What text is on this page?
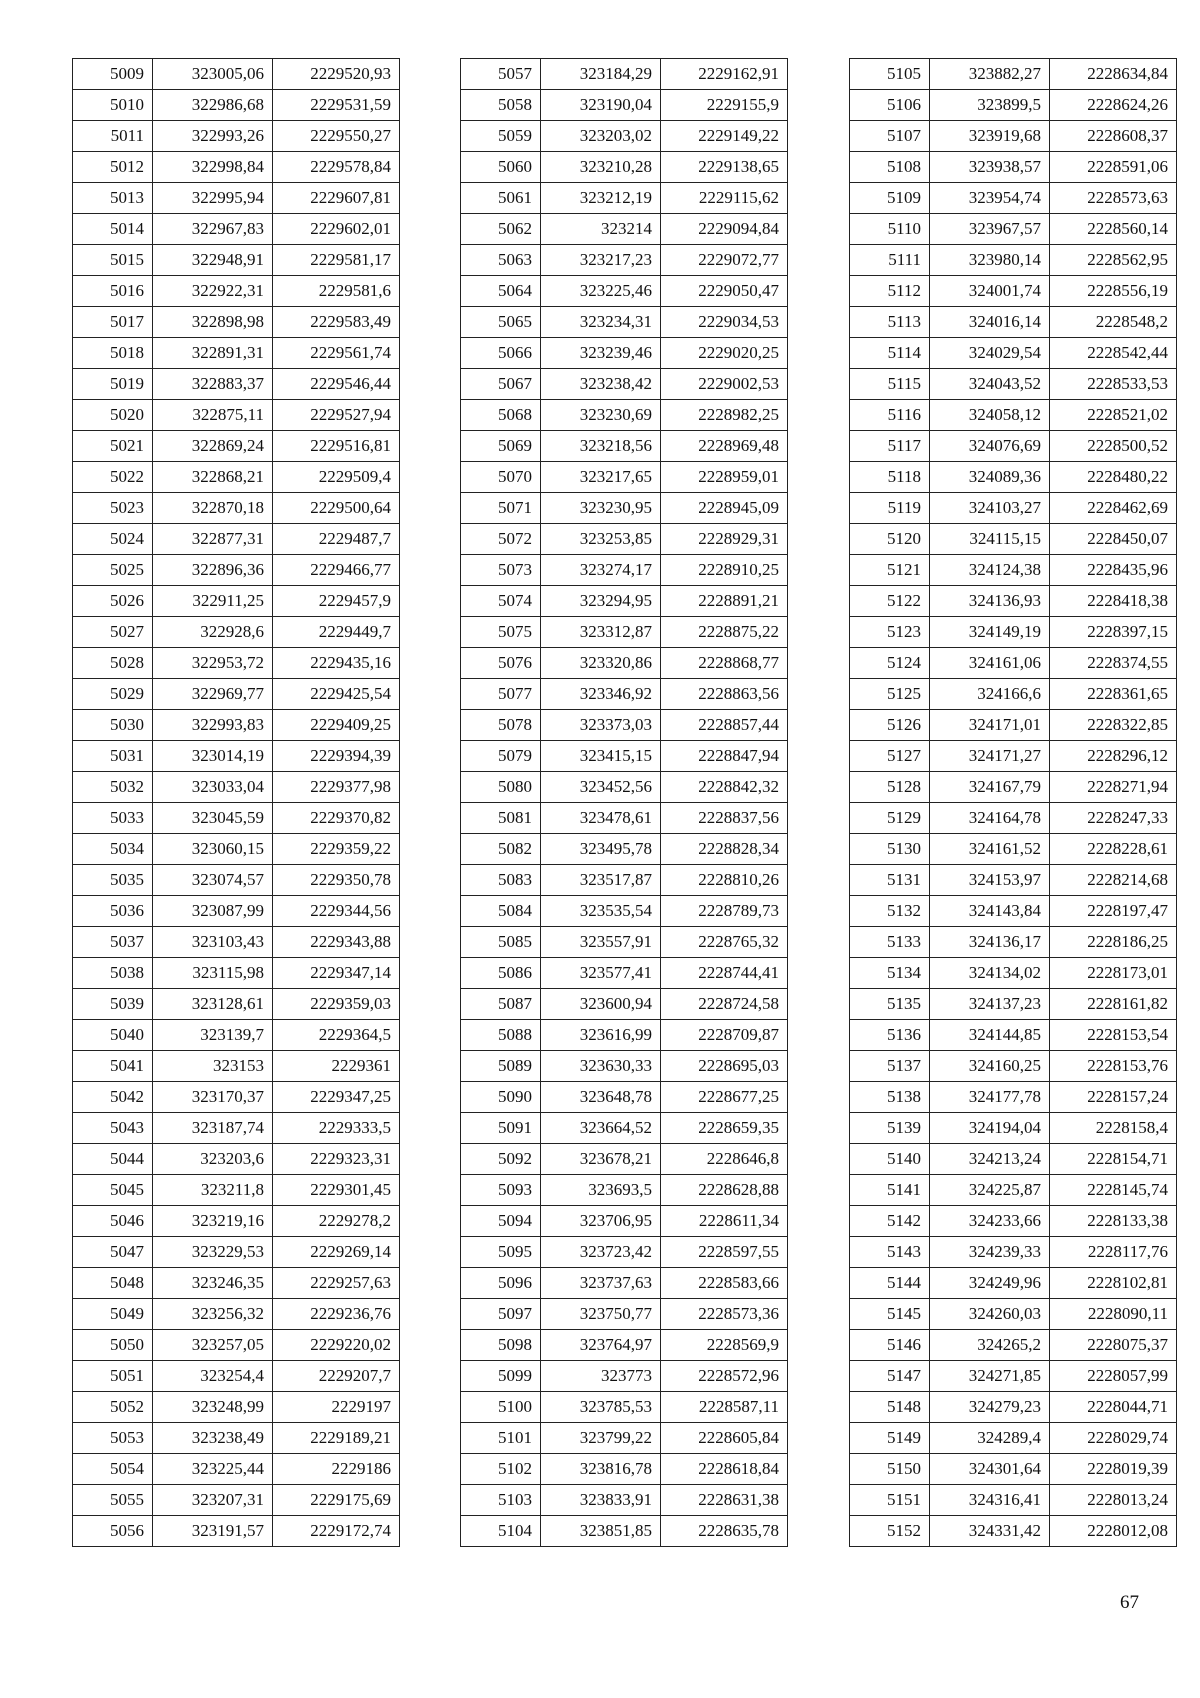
5009	323005,06	2229520,93
5010	322986,68	2229531,59
5011	322993,26	2229550,27
5012	322998,84	2229578,84
5013	322995,94	2229607,81
5014	322967,83	2229602,01
5015	322948,91	2229581,17
5016	322922,31	2229581,6
5017	322898,98	2229583,49
5018	322891,31	2229561,74
5019	322883,37	2229546,44
5020	322875,11	2229527,94
5021	322869,24	2229516,81
5022	322868,21	2229509,4
5023	322870,18	2229500,64
5024	322877,31	2229487,7
5025	322896,36	2229466,77
5026	322911,25	2229457,9
5027	322928,6	2229449,7
5028	322953,72	2229435,16
5029	322969,77	2229425,54
5030	322993,83	2229409,25
5031	323014,19	2229394,39
5032	323033,04	2229377,98
5033	323045,59	2229370,82
5034	323060,15	2229359,22
5035	323074,57	2229350,78
5036	323087,99	2229344,56
5037	323103,43	2229343,88
5038	323115,98	2229347,14
5039	323128,61	2229359,03
5040	323139,7	2229364,5
5041	323153	2229361
5042	323170,37	2229347,25
5043	323187,74	2229333,5
5044	323203,6	2229323,31
5045	323211,8	2229301,45
5046	323219,16	2229278,2
5047	323229,53	2229269,14
5048	323246,35	2229257,63
5049	323256,32	2229236,76
5050	323257,05	2229220,02
5051	323254,4	2229207,7
5052	323248,99	2229197
5053	323238,49	2229189,21
5054	323225,44	2229186
5055	323207,31	2229175,69
5056	323191,57	2229172,74
5057	323184,29	2229162,91
5058	323190,04	2229155,9
5059	323203,02	2229149,22
5060	323210,28	2229138,65
5061	323212,19	2229115,62
5062	323214	2229094,84
5063	323217,23	2229072,77
5064	323225,46	2229050,47
5065	323234,31	2229034,53
5066	323239,46	2229020,25
5067	323238,42	2229002,53
5068	323230,69	2228982,25
5069	323218,56	2228969,48
5070	323217,65	2228959,01
5071	323230,95	2228945,09
5072	323253,85	2228929,31
5073	323274,17	2228910,25
5074	323294,95	2228891,21
5075	323312,87	2228875,22
5076	323320,86	2228868,77
5077	323346,92	2228863,56
5078	323373,03	2228857,44
5079	323415,15	2228847,94
5080	323452,56	2228842,32
5081	323478,61	2228837,56
5082	323495,78	2228828,34
5083	323517,87	2228810,26
5084	323535,54	2228789,73
5085	323557,91	2228765,32
5086	323577,41	2228744,41
5087	323600,94	2228724,58
5088	323616,99	2228709,87
5089	323630,33	2228695,03
5090	323648,78	2228677,25
5091	323664,52	2228659,35
5092	323678,21	2228646,8
5093	323693,5	2228628,88
5094	323706,95	2228611,34
5095	323723,42	2228597,55
5096	323737,63	2228583,66
5097	323750,77	2228573,36
5098	323764,97	2228569,9
5099	323773	2228572,96
5100	323785,53	2228587,11
5101	323799,22	2228605,84
5102	323816,78	2228618,84
5103	323833,91	2228631,38
5104	323851,85	2228635,78
5105	323882,27	2228634,84
5106	323899,5	2228624,26
5107	323919,68	2228608,37
5108	323938,57	2228591,06
5109	323954,74	2228573,63
5110	323967,57	2228560,14
5111	323980,14	2228562,95
5112	324001,74	2228556,19
5113	324016,14	2228548,2
5114	324029,54	2228542,44
5115	324043,52	2228533,53
5116	324058,12	2228521,02
5117	324076,69	2228500,52
5118	324089,36	2228480,22
5119	324103,27	2228462,69
5120	324115,15	2228450,07
5121	324124,38	2228435,96
5122	324136,93	2228418,38
5123	324149,19	2228397,15
5124	324161,06	2228374,55
5125	324166,6	2228361,65
5126	324171,01	2228322,85
5127	324171,27	2228296,12
5128	324167,79	2228271,94
5129	324164,78	2228247,33
5130	324161,52	2228228,61
5131	324153,97	2228214,68
5132	324143,84	2228197,47
5133	324136,17	2228186,25
5134	324134,02	2228173,01
5135	324137,23	2228161,82
5136	324144,85	2228153,54
5137	324160,25	2228153,76
5138	324177,78	2228157,24
5139	324194,04	2228158,4
5140	324213,24	2228154,71
5141	324225,87	2228145,74
5142	324233,66	2228133,38
5143	324239,33	2228117,76
5144	324249,96	2228102,81
5145	324260,03	2228090,11
5146	324265,2	2228075,37
5147	324271,85	2228057,99
5148	324279,23	2228044,71
5149	324289,4	2228029,74
5150	324301,64	2228019,39
5151	324316,41	2228013,24
5152	324331,42	2228012,08
67
